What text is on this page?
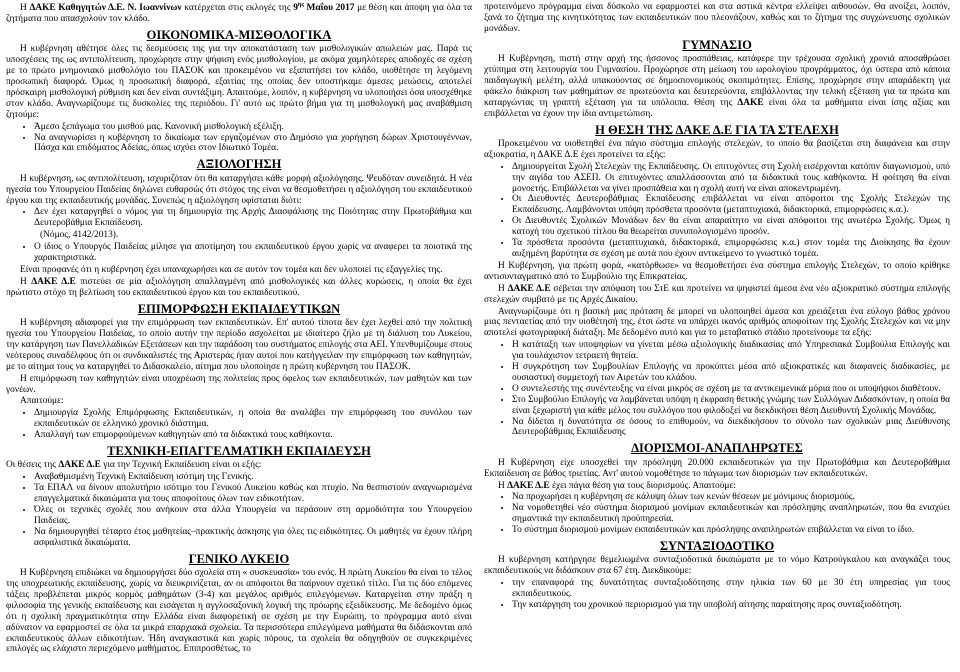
Η ΔΑΚΕ Καθηγητών Δ.Ε. Ν. Ιωαννίνων κατέρχεται στις εκλογές της $9^{\eta\varsigma}$ Μαΐου 2017 με θέση και άποψη για όλα τα ζητήματα που απασχολούν τον κλάδο.

ΟΙΚΟΝΟΜΙΚΑ-ΜΙΣΘΟΛΟΓΙΚΑ

Η κυβέρνηση αθέτησε όλες τις δεσμεύσεις της για την αποκατάσταση των μισθολογικών απωλειών μας. Παρά τις υποσχέσεις της ως αντιπολίτευση, προχώρησε στην ψήφιση ενός μισθολογίου, με ακόμα χαμηλότερες αποδοχές σε σχέση με το πρώτο μνημονιακό μισθολόγιο του ΠΑΣΟΚ και προκειμένου να εξαπατήσει τον κλάδο, υιοθέτησε τη λεγόμενη προσωπική διαφορά. Όμως η προσωπική διαφορά, εξαιτίας της οποίας δεν υποστήκαμε άμεσες μειώσεις, αποτελεί πρόσκαιρη μισθολογική ρύθμιση και δεν είναι συντάξιμη. Απαιτούμε, λοιπόν, η κυβέρνηση να υλοποιήσει όσα υποσχέθηκε στον κλάδο. Αναγνωρίζουμε τις δυσκολίες της περιόδου. Γι' αυτό ως πρώτο βήμα για τη μισθολογική μας αναβάθμιση ζητούμε:

• Άμεσο ξεπάγωμα του μισθού μας. Κανονική μισθολογική εξέλιξη.
• Να αναγνωρίσει η κυβέρνηση το δικαίωμα των εργαζομένων στο Δημόσιο για χορήγηση δώρων Χριστουγέννων, Πάσχα και επιδόματος Αδείας, όπως ισχύει στον Ιδιωτικό Τομέα.
ΑΞΙΟΛΟΓΗΣΗ

Η κυβέρνηση, ως αντιπολίτευση, ισχυριζόταν ότι θα καταργήσει κάθε μορφή αξιολόγησης. Ψευδόταν συνειδητά. Η νέα ηγεσία του Υπουργείου Παιδείας δηλώνει ευθαρσώς ότι στόχος της είναι να θεσμοθετήσει η αξιολόγηση του εκπαιδευτικού έργου και της εκπαιδευτικής μονάδας. Συνεπώς η αξιολόγηση υφίσταται διότι:

• Δεν έχει καταργηθεί ο νόμος για τη δημιουργία της Αρχής Διασφάλισης της Ποιότητας στην Πρωτοβάθμια και Δευτεροβάθμια Εκπαίδευση.

(Νόμος, 4142/2013).

• Ο ίδιος ο Υπουργός Παιδείας μίλησε για αποτίμηση του εκπαιδευτικού έργου χωρίς να αναφερει τα ποιοτικά της χαρακτηριστικά.

Είναι προφανές ότι η κυβέρνηση έχει υπαναχωρήσει και σε αυτόν τον τομέα και δεν υλοποιεί τις εξαγγελίες της.

Η ΔΑΚΕ Δ.Ε πιστεύει σε μία αξιολόγηση απαλλαγμένη από μισθολογικές και άλλες κυρώσεις, η οποία θα έχει πρώτιστο στόχο τη βελτίωση του εκπαιδευτικού έργου και του εκπαιδευτικού.

ΕΠΙΜΟΡΦΩΣΗ ΕΚΠΑΙΔΕΥΤΙΚΩΝ

Η κυβέρνηση αδιαφορεί για την επιμόρφωση των εκπαιδευτικών. Επ' αυτού τίποτα δεν έχει λεχθεί από την πολιτική ηγεσία του Υπουργείου Παιδείας, το οποίο αυτήν την περίοδο ασχολείται με ιδιαίτερο ζήλο με τη διάλυση του Λυκείου, την κατάργηση των Πανελλαδικών Εξετάσεων και την παράδοση του συστήματος επιλογής στα ΑΕΙ. Υπενθυμίζουμε στους νεότερους συναδέλφους ότι οι συνδικαλιστές της Αριστεράς ήταν αυτοί που κατήγγειλαν την επιμόρφωση των καθηγητών, με το αίτημα τους να καταργηθεί το Διδασκαλείο, αίτημα που υλοποίησε η πρώτη κυβέρνηση του ΠΑΣΟΚ.

Η επιμόρφωση των καθηγητών είναι υποχρέωση της πολιτείας προς όφελος των εκπαιδευτικών, των μαθητών και των γονέων.

Απαιτούμε:

• Δημιουργία Σχολής Επιμόρφωσης Εκπαιδευτικών, η οποία θα αναλάβει την επιμόρφωση του συνόλου των εκπαιδευτικών σε ελληνικό χρονικό διάστημα.
• Απαλλαγή των επιμορφούμενων καθηγητών από τα διδακτικά τους καθήκοντα.
ΤΕΧΝΙΚΗ-ΕΠΑΓΓΕΛΜΑΤΙΚΗ ΕΚΠΑΙΔΕΥΣΗ

Οι θέσεις της ΔΑΚΕ Δ.Ε για την Τεχνική Εκπαίδευση είναι οι εξής:

• Αναβαθμισμένη Τεχνική Εκπαίδευση ισότιμη της Γενικής.
• Τα ΕΠΑΛ να δίνουν απολυτήριο ισότιμο του Γενικού Λυκείου καθώς και πτυχίο. Να θεσπιστούν αναγνωρισμένα επαγγελματικά δικαιώματα για τους αποφοίτους όλων των ειδικοτήτων.
• Όλες οι τεχνικές σχολές που ανήκουν στα άλλα Υπουργεία να περάσουν στη αρμοδιότητα του Υπουργείου Παιδείας.
• Να δημιουργηθεί τέταρτο έτος μαθητείας–πρακτικής άσκησης για όλες τις ειδικότητες. Οι μαθητές να έχουν πλήρη ασφαλιστικά δικαιώματα.
ΓΕΝΙΚΟ ΛΥΚΕΙΟ

Η Κυβέρνηση επιδιώκει να δημιουργήσει δύο σχολεία στη « συσκευασία» του ενός. Η πρώτη Λυκείου θα είναι το τέλος της υποχρεωτικής εκπαίδευσης, χωρίς να διευκρινίζεται, αν οι απόφοιτοι θα παίρνουν σχετικό τίτλο. Για τις δύο επόμενες τάξεις προβλέπεται μικρός κορμός μαθημάτων (3-4) και μεγάλος αριθμός επιλεγόμενων. Καταργείται στην πράξη η φιλοσοφία της γενικής εκπαίδευσης και εισάγεται η αγγλοσαξονική λογική της πρόωρης εξειδίκευσης. Με δεδομένο όμως ότι η σχολική πραγματικότητα στην Ελλάδα είναι διαφορετική σε σχέση με την Ευρώπη, το πρόγραμμα αυτό είναι αδύνατον να εφαρμοστεί σε όλα τα μικρά επαρχιακά σχολεία. Τα περισσότερα επιλεγόμενα μαθήματα θα διδάσκονται από εκπαιδευτικούς άλλων ειδικοτήτων. Ήδη αναγκαστικά και χωρίς πόρους, τα σχολεία θα οδηγηθούν σε συγκεκριμένες επιλογές ως ελάχιστο περιεχόμενο μαθήματος. Επιπροσθέτως, το

προτεινόμενο πρόγραμμα είναι δύσκολο να εφαρμοστεί και στα αστικά κέντρα ελλείψει αιθουσών. Θα ανοίξει, λοιπόν, ξανά το ζήτημα της κινητικότητας των εκπαιδευτικών που πλεονάζουν, καθώς και το ζήτημα της συγχώνευσης σχολικών μονάδων.

ΓΥΜΝΑΣΙΟ

Η Κυβέρνηση, πιστή στην αρχή της ήσσονος προσπάθειας, κατάφερε την τρέχουσα σχολική χρονιά αποσαθρώσει χτύπημα στη λειτουργία του Γυμνασίου. Προχώρησε στη μείωση του ωρολογίου προγράμματος, όχι ύστερα από κάποια παιδαγωγική μελέτη, αλλά υπακούοντας σε δημοσιονομικούς σκοπιμότητες. Επίσης, προχώρησε στην απαράδεκτη για φάκελο διάκριση των μαθημάτων σε πρωτεύοντα και δευτερεύοντα, επιβάλλοντας την τελική εξέταση για τα πρώτα και καταργώντας τη γραπτή εξέταση για τα υπόλοιπα. Θέση της ΔΑΚΕ είναι όλα τα μαθήματα είναι ίσης αξίας και επιβάλλεται να έχουν την ίδια αντιμετώπιση.

Η ΘΕΣΗ ΤΗΣ ΔΑΚΕ Δ.Ε ΓΙΑ ΤΑ ΣΤΕΛΕΧΗ

Προκειμένου να υιοθετηθεί ένα πάγιο σύστημα επιλογής στελεχών, το οποίο θα βασίζεται στη διαφάνεια και στην αξιοκρατία, η ΔΑΚΕ Δ.Ε έχει προτείνει τα εξής:

• Δημιουργείται Σχολή Στελεχών της Εκπαίδευσης. Οι επιτυχόντες στη Σχολή εισέρχονται κατόπιν διαγωνισμού, υπό την αιγίδα του ΑΣΕΠ. Οι επιτυχόντες απαλλάσσονται από τα διδακτικά τους καθήκοντα. Η φοίτηση θα είναι μονοετής. Επιβάλλεται να γίνει προσπάθεια και η σχολή αυτή να είναι αποκεντρωμένη.
• Οι Διευθυντές Δευτεροβάθμιας Εκπαίδευσης επιβάλλεται να είναι απόφοιτοι της Σχολής Στελεχών της Εκπαίδευσης. Λαμβάνονται υπόψη πρόσθετα προσόντα (μεταπτυχιακά, διδακτορικά, επιμορφώσεις κ.α.).
• Οι Διευθυντές Σχολικών Μονάδων δεν θα είναι απαραίτητο να είναι απόφοιτοι της ανωτέρω Σχολής. Όμως η κατοχή του σχετικού τίτλου θα θεωρείται συνυπολογισμένο προσόν.
• Τα πρόσθετα προσόντα (μεταπτυχιακά, διδακτορικά, επιμορφώσεις κ.α.) στον τομέα της Διοίκησης θα έχουν αυξημένη βαρύτητα σε σχέση με αυτά που έχουν αντικείμενο το γνωστικό τομέα.

Η Κυβέρνηση, για πρώτη φορά, «κατόρθωσε» να θεσμοθετήσει ένα σύστημα επιλογής Στελεχών, το οποίο κρίθηκε αντισυνταγματικό από το Συμβούλιο της Επικρατείας.

Η ΔΑΚΕ Δ.Ε σέβεται την απόφαση του ΣτΕ και προτείνει να ψηφιστεί άμεσα ένα νέο αξιοκρατικό σύστημα επιλογής στελεχών συμβατό με τις Αρχές Δικαίου.

Αναγνωρίζουμε ότι η βασική μας πρόταση δε μπορεί να υλοποιηθεί άμεσα και χρειάζεται ένα εύλογο βάθος χρόνου μιας πενταετίας από την υιοθέτησή της, έτσι ώστε να υπάρχει ικανός αριθμός αποφοίτων της Σχολής Στελεχών και να μην αποτελεί φωτογραφική διάταξη. Με δεδομένο αυτό και για το μεταβατικό στάδιο προτείνουμε τα εξής:

• Η κατάταξη των υποψηφίων να γίνεται μέσω αξιολογικής διαδικασίας από Υπηρεσιακά Συμβούλια Επιλογής και για τουλάχιστον τετραετή θητεία.
• Η συγκρότηση των Συμβουλίων Επιλογής να προκύπτει μέσα από αξιοκρατικές και διαφανείς διαδικασίες, με ουσιαστική συμμετοχή των Αιρετών του κλάδου.
• Ο συντελεστής της συνέντευξης να είναι μικρός σε σχέση με τα αντικειμενικά μόρια που οι υποψήφιοι διαθέτουν.
• Στο Συμβούλιο Επιλογής να λαμβάνεται υπόψη η έκφραση θετικής γνώμης των Συλλόγων Διδασκόντων, η οποία θα είναι ξεχωριστή για κάθε μέλος του συλλόγου που φιλοδοξεί να διεκδικήσει θέση Διευθυντή Σχολικής Μονάδας.
• Να δίδεται η δυνατότητα σε όσους το επιθυμούν, να διεκδικήσουν το σύνολο των σχολικών μιας Διεύθυνσης Δευτεροβάθμιας Εκπαίδευσης
ΔΙΟΡΙΣΜΟΙ-ΑΝΑΠΛΗΡΩΤΕΣ

Η Κυβέρνηση είχε υποσχεθεί την πρόσληψη 20.000 εκπαιδευτικών για την Πρωτοβάθμια και Δευτεροβάθμια Εκπαίδευση σε βάθος τριετίας. Αντ' αυτού νομοθέτησε το πάγωμα των διορισμών των εκπαιδευτικών.

Η ΔΑΚΕ Δ.Ε έχει πάγια θέση για τους διορισμούς. Απαιτούμε:

• Να προχωρήσει η κυβέρνηση σε κάλυψη όλων των κενών θέσεων με μόνιμους διορισμούς.
• Να νομοθετηθεί νέο σύστημα διορισμού μονίμων εκπαιδευτικών και πρόσληψης αναπληρωτών, που θα ενισχύει σημαντικά την εκπαιδευτική προϋπηρεσία.
• Το σύστημα διορισμού μονίμων εκπαιδευτικών και πρόσληψης αναπληρωτών επιβάλλεται να είναι το ίδιο.
ΣΥΝΤΑΞΙΟΔΟΤΙΚΟ

Η κυβέρνηση κατήργησε θεμελιωμένα συνταξιοδοτικά δικαιώματα με το νόμο Κατρούγκαλου και αναγκάζει τους εκπαιδευτικούς να διδάσκουν στα 67 έτη. Διεκδικούμε:

• την επαναφορά της δυνατότητας συνταξιοδότησης στην ηλικία των 60 με 30 έτη υπηρεσίας για τους εκπαιδευτικούς.
• Την κατάργηση του χρονικού περιορισμού για την υποβολή αίτησης παραίτησης προς συνταξιοδότηση.
